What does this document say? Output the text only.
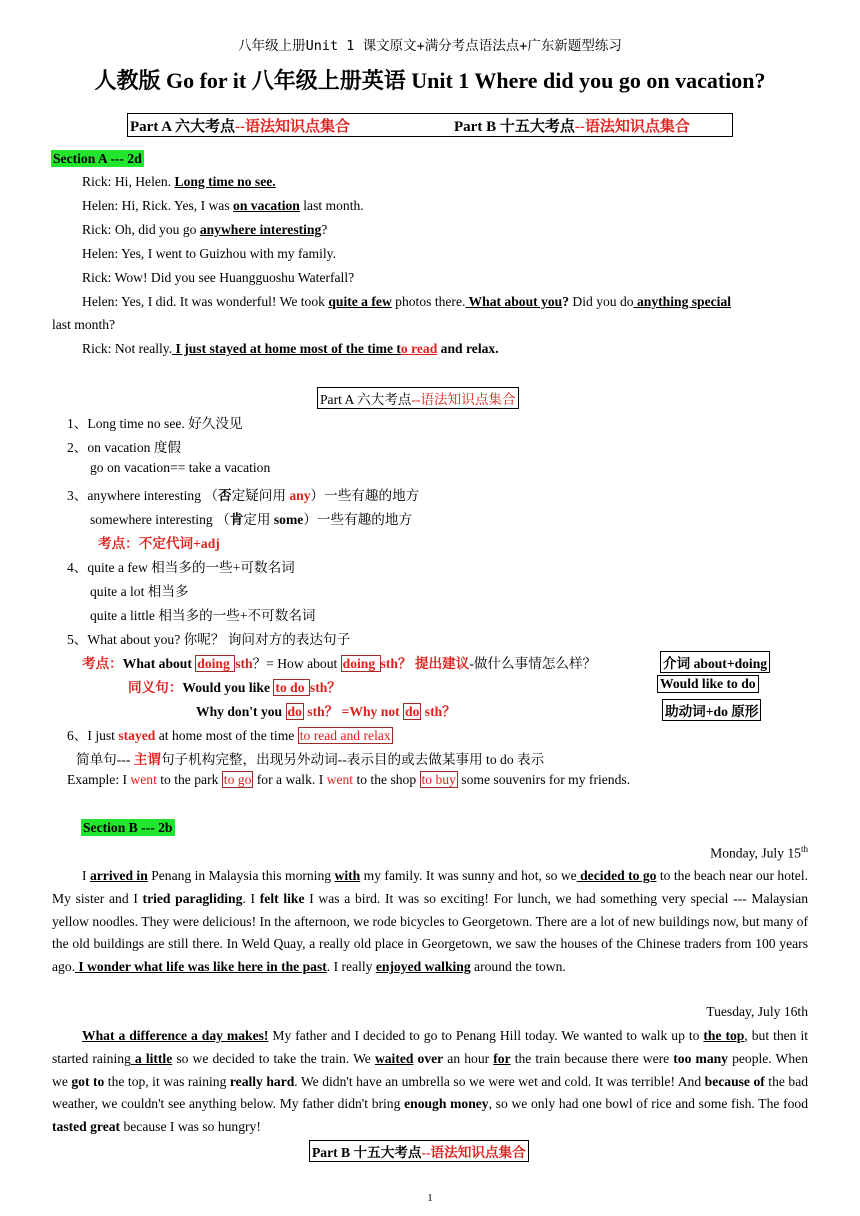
八年级上册Unit 1 课文原文+满分考点语法点+广东新题型练习
人教版 Go for it 八年级上册英语 Unit 1 Where did you go on vacation?
Part A 六大考点--语法知识点集合	Part B 十五大考点--语法知识点集合
Section A --- 2d
Rick: Hi, Helen. Long time no see.
Helen: Hi, Rick. Yes, I was on vacation last month.
Rick: Oh, did you go anywhere interesting?
Helen: Yes, I went to Guizhou with my family.
Rick: Wow! Did you see Huangguoshu Waterfall?
Helen: Yes, I did. It was wonderful! We took quite a few photos there. What about you? Did you do anything special
last month?
Rick: Not really. I just stayed at home most of the time to read and relax.
Part A 六大考点--语法知识点集合
1、Long time no see. 好久没见
2、on vacation 度假
go on vacation== take a vacation
3、anywhere interesting （否定疑问用 any）一些有趣的地方
somewhere interesting （肯定用 some）一些有趣的地方
考点：不定代词+adj
4、quite a few 相当多的一些+可数名词
quite a lot 相当多
quite a little 相当多的一些+不可数名词
5、What about you? 你呢？ 询问对方的表达句子
考点：What about doing sth？= How about doing sth？ 提出建议-做什么事情怎么样？	介词 about+doing
同义句：Would you like to do sth？	Would like to do
Why don't you do sth？ =Why not do sth？	助动词+do 原形
6、I just stayed at home most of the time to read and relax
简单句--- 主谓句子机构完整，出现另外动词--表示目的或去做某事用 to do 表示
Example: I went to the park to go for a walk. I went to the shop to buy some souvenirs for my friends.
Section B --- 2b
Monday, July 15th
I arrived in Penang in Malaysia this morning with my family. It was sunny and hot, so we decided to go to the beach near our hotel. My sister and I tried paragliding. I felt like I was a bird. It was so exciting! For lunch, we had something very special --- Malaysian yellow noodles. They were delicious! In the afternoon, we rode bicycles to Georgetown. There are a lot of new buildings now, but many of the old buildings are still there. In Weld Quay, a really old place in Georgetown, we saw the houses of the Chinese traders from 100 years ago. I wonder what life was like here in the past. I really enjoyed walking around the town.
Tuesday, July 16th
What a difference a day makes! My father and I decided to go to Penang Hill today. We wanted to walk up to the top, but then it started raining a little so we decided to take the train. We waited over an hour for the train because there were too many people. When we got to the top, it was raining really hard. We didn't have an umbrella so we were wet and cold. It was terrible! And because of the bad weather, we couldn't see anything below. My father didn't bring enough money, so we only had one bowl of rice and some fish. The food tasted great because I was so hungry!
Part B 十五大考点--语法知识点集合
1
